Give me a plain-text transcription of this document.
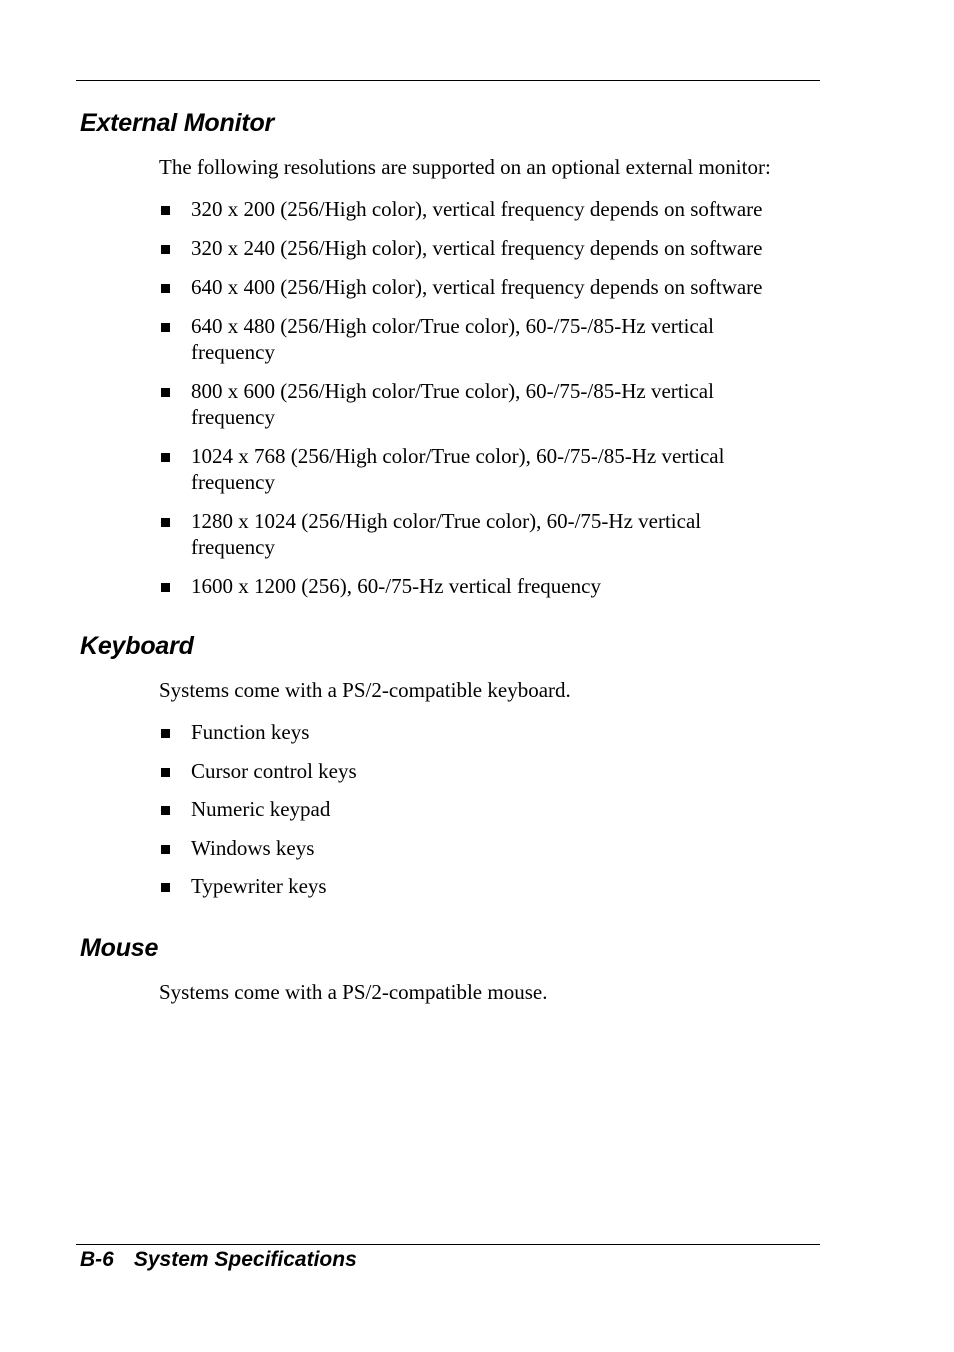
External Monitor

The following resolutions are supported on an optional external monitor:

320 x 200 (256/High color), vertical frequency depends on software
320 x 240 (256/High color), vertical frequency depends on software
640 x 400 (256/High color), vertical frequency depends on software
640 x 480 (256/High color/True color), 60-/75-/85-Hz vertical frequency
800 x 600 (256/High color/True color), 60-/75-/85-Hz vertical frequency
1024 x 768 (256/High color/True color), 60-/75-/85-Hz vertical frequency
1280 x 1024 (256/High color/True color), 60-/75-Hz vertical frequency
1600 x 1200 (256), 60-/75-Hz vertical frequency
Keyboard

Systems come with a PS/2-compatible keyboard.

Function keys
Cursor control keys
Numeric keypad
Windows keys
Typewriter keys
Mouse

Systems come with a PS/2-compatible mouse.

B-6 System Specifications
